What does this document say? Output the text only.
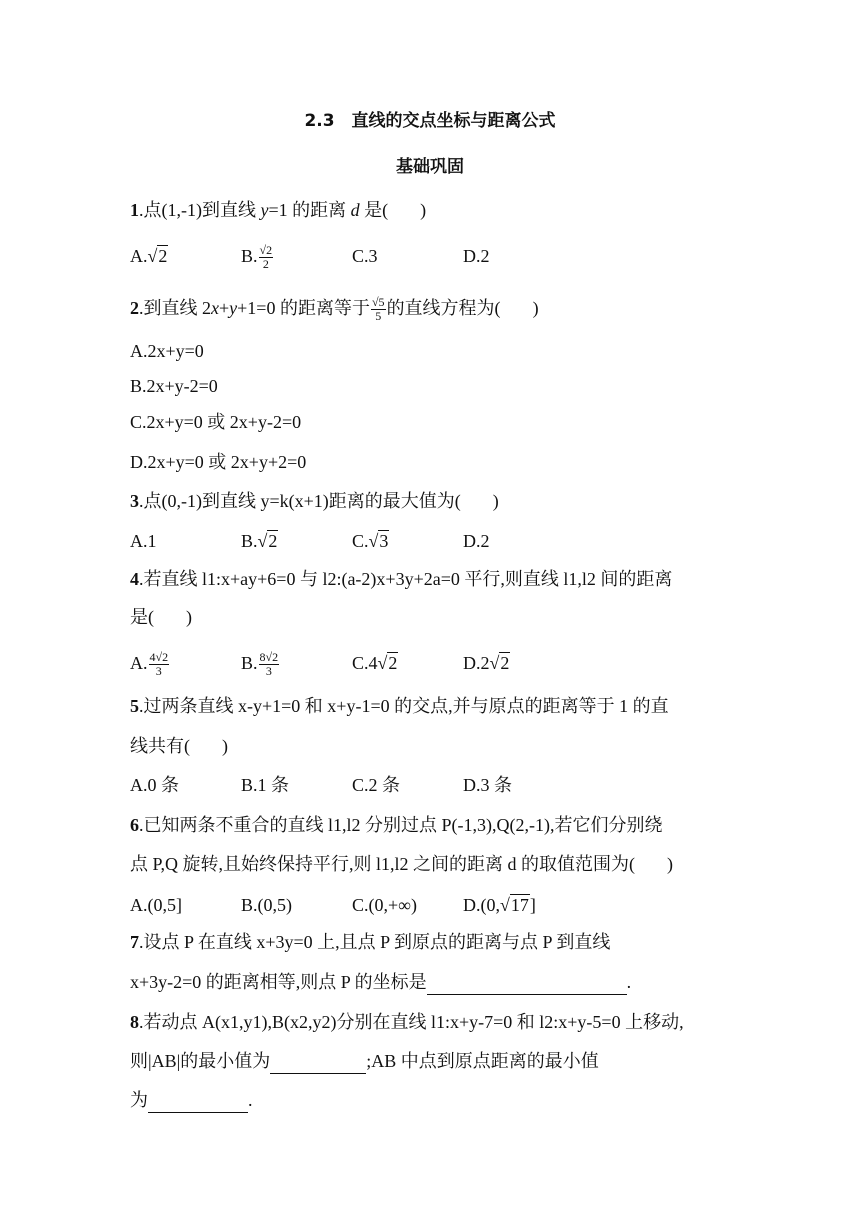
2.3　直线的交点坐标与距离公式
基础巩固
1.点(1,-1)到直线 y=1 的距离 d 是( )
A.√2	B. $\frac{√2}{2}$	C.3	D.2
2.到直线 2x+y+1=0 的距离等于 $\frac{√5}{5}$ 的直线方程为( )
A.2x+y=0
B.2x+y-2=0
C.2x+y=0 或 2x+y-2=0
D.2x+y=0 或 2x+y+2=0
3.点(0,-1)到直线 y=k(x+1)距离的最大值为( )
A.1	B.√2	C.√3	D.2
4.若直线 l1:x+ay+6=0 与 l2:(a-2)x+3y+2a=0 平行,则直线 l1,l2 间的距离
是( )
A. $\frac{4√2}{3}$	B. $\frac{8√2}{3}$	C.4√2	D.2√2
5.过两条直线 x-y+1=0 和 x+y-1=0 的交点,并与原点的距离等于 1 的直
线共有( )
A.0 条	B.1 条	C.2 条	D.3 条
6.已知两条不重合的直线 l1,l2 分别过点 P(-1,3),Q(2,-1),若它们分别绕
点 P,Q 旋转,且始终保持平行,则 l1,l2 之间的距离 d 的取值范围为( )
A.(0,5]	B.(0,5)	C.(0,+∞)	D.(0,√17]
7.设点 P 在直线 x+3y=0 上,且点 P 到原点的距离与点 P 到直线
x+3y-2=0 的距离相等,则点 P 的坐标是	.
8.若动点 A(x1,y1),B(x2,y2)分别在直线 l1:x+y-7=0 和 l2:x+y-5=0 上移动,
则|AB|的最小值为	;AB 中点到原点距离的最小值
为	.
